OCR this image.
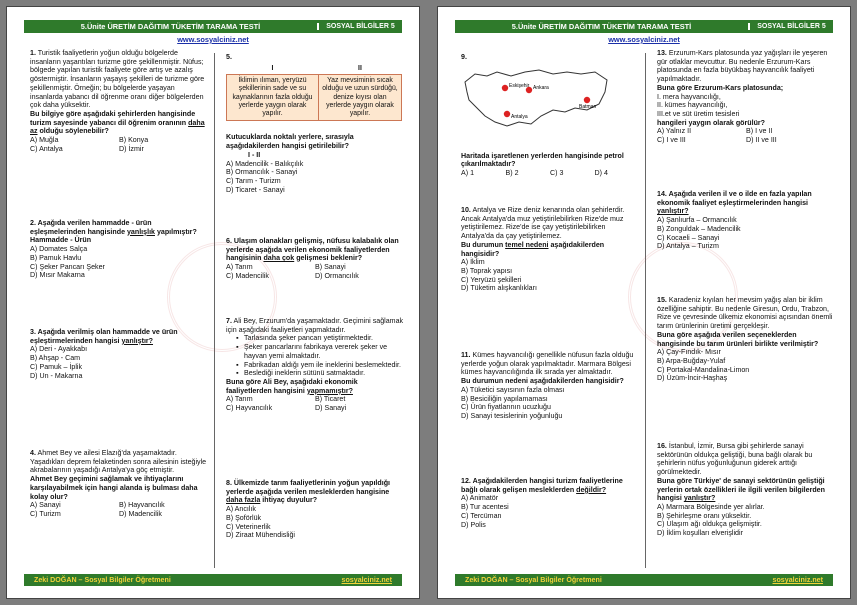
5.Ünite ÜRETİM DAĞITIM TÜKETİM TARAMA TESTİ	SOSYAL BİLGİLER 5
www.sosyalciniz.net

1. Turistik faaliyetlerin yoğun olduğu bölgelerde insanların yaşantıları turizme göre şekillenmiştir. Nüfus; bölgede yapılan turistik faaliyete göre artış ve azalış göstermiştir. İnsanların yaşayış şekilleri de turizme göre şekillenmiştir. Örneğin; bu bölgelerde yaşayan insanlarda yabancı dil öğrenme oranı diğer bölgelerden çok daha yüksektir.

Bu bilgiye göre aşağıdaki şehirlerden hangisinde turizm sayesinde yabancı dil öğrenim oranının daha az olduğu söylenebilir?

A) Muğla	B) Konya
C) Antalya	D) İzmir

2. Aşağıda verilen hammadde - ürün eşleşmelerinden hangisinde yanlışlık yapılmıştır?

Hammadde - Ürün

A) Domates Salça

B) Pamuk Havlu

C) Şeker Pancarı Şeker

D) Mısır Makarna

3. Aşağıda verilmiş olan hammadde ve ürün eşleştirmelerinden hangisi yanlıştır?

A) Deri - Ayakkabı

B) Ahşap - Cam

C) Pamuk – İplik

D) Un - Makarna

4. Ahmet Bey ve ailesi Elazığ'da yaşamaktadır.

Yaşadıkları deprem felaketinden sonra ailesinin isteğiyle akrabalarının yaşadığı Antalya'ya göç etmiştir.

Ahmet Bey geçimini sağlamak ve ihtiyaçlarını karşılayabilmek için hangi alanda iş bulması daha kolay olur?

A) Sanayi	B) Hayvancılık
C) Turizm	D) Madencilik

5.

I	II
İklimin ılıman, yeryüzü şekillerinin sade ve su kaynaklarının fazla olduğu yerlerde yaygın olarak yapılır.	Yaz mevsiminin sıcak olduğu ve uzun sürdüğü, denize kıyısı olan yerlerde yaygın olarak yapılır.

Kutucuklarda noktalı yerlere, sırasıyla aşağıdakilerden hangisi getirilebilir?

I - II

A) Madencilik - Balıkçılık

B) Ormancılık - Sanayi

C) Tarım - Turizm

D) Ticaret - Sanayi

6. Ulaşım olanakları gelişmiş, nüfusu kalabalık olan yerlerde aşağıda verilen ekonomik faaliyetlerden hangisinin daha çok gelişmesi beklenir?

A) Tarım	B) Sanayi
C) Madencilik	D) Ormancılık

7. Ali Bey, Erzurum'da yaşamaktadır. Geçimini sağlamak için aşağıdaki faaliyetleri yapmaktadır.

▪ Tarlasında şeker pancarı yetiştirmektedir.
▪ Şeker pancarlarını fabrikaya vererek şeker ve hayvan yemi almaktadır.
▪ Fabrikadan aldığı yem ile ineklerini beslemektedir.
▪ Beslediği ineklerin sütünü satmaktadır.

Buna göre Ali Bey, aşağıdaki ekonomik faaliyetlerden hangisini yapmamıştır?

A) Tarım	B) Ticaret
C) Hayvancılık	D) Sanayi

8. Ülkemizde tarım faaliyetlerinin yoğun yapıldığı yerlerde aşağıda verilen mesleklerden hangisine daha fazla ihtiyaç duyulur?

A) Ancılık

B) Şoförlük

C) Veterinerlik

D) Ziraat Mühendisliği

Zeki DOĞAN – Sosyal Bilgiler Öğretmeni	sosyalciniz.net
5.Ünite ÜRETİM DAĞITIM TÜKETİM TARAMA TESTİ	SOSYAL BİLGİLER 5
www.sosyalciniz.net

9.

Eskişehir Ankara
Antalya
Batman

Haritada işaretlenen yerlerden hangisinde petrol çıkarılmaktadır?

A) 1	B) 2	C) 3	D) 4

10. Antalya ve Rize deniz kenarında olan şehirlerdir. Ancak Antalya'da muz yetiştirilebilirken Rize'de muz yetiştirilemez. Rize'de ise çay yetiştirilebilirken Antalya'da da çay yetiştirilemez.

Bu durumun temel nedeni aşağıdakilerden hangisidir?

A) İklim

B) Toprak yapısı

C) Yeryüzü şekilleri

D) Tüketim alışkanlıkları

11. Kümes hayvancılığı genellikle nüfusun fazla olduğu yerlerde yoğun olarak yapılmaktadır. Marmara Bölgesi kümes hayvancılığında ilk sırada yer almaktadır.

Bu durumun nedeni aşağıdakilerden hangisidir?

A) Tüketici sayısının fazla olması

B) Besiciliğin yapılamaması

C) Ürün fiyatlarının ucuzluğu

D) Sanayi tesislerinin yoğunluğu

12. Aşağıdakilerden hangisi turizm faaliyetlerine bağlı olarak gelişen mesleklerden değildir?

A) Animatör

B) Tur acentesi

C) Tercüman

D) Polis

13. Erzurum-Kars platosunda yaz yağışları ile yeşeren gür otlaklar mevcuttur. Bu nedenle Erzurum-Kars platosunda en fazla büyükbaş hayvancılık faaliyeti yapılmaktadır.

Buna göre Erzurum-Kars platosunda;

I. mera hayvancılığı,

II. kümes hayvancılığı,

III.et ve süt üretim tesisleri

hangileri yaygın olarak görülür?

A) Yalnız II	B) I ve II
C) I ve III	D) II ve III

14. Aşağıda verilen il ve o ilde en fazla yapılan ekonomik faaliyet eşleştirmelerinden hangisi yanlıştır?

A) Şanlıurfa – Ormancılık

B) Zonguldak – Madencilik

C) Kocaeli – Sanayi

D) Antalya – Turizm

15. Karadeniz kıyıları her mevsim yağış alan bir iklim özelliğine sahiptir. Bu nedenle Giresun, Ordu, Trabzon, Rize ve çevresinde ülkemiz ekonomisi açısından önemli tarım ürünlerinin üretimi gerçekleşir.

Buna göre aşağıda verilen seçeneklerden hangisinde bu tarım ürünleri birlikte verilmiştir?

A) Çay-Fındık- Mısır

B) Arpa-Buğday-Yulaf

C) Portakal-Mandalina-Limon

D) Üzüm-İncir-Haşhaş

16. İstanbul, İzmir, Bursa gibi şehirlerde sanayi sektörünün oldukça geliştiği, buna bağlı olarak bu şehirlerin nüfus yoğunluğunun giderek arttığı görülmektedir.

Buna göre Türkiye' de sanayi sektörünün geliştiği yerlerin ortak özellikleri ile ilgili verilen bilgilerden hangisi yanlıştır?

A) Marmara Bölgesinde yer alırlar.

B) Şehirleşme oranı yüksektir.

C) Ulaşım ağı oldukça gelişmiştir.

D) İklim koşulları elverişlidir

Zeki DOĞAN – Sosyal Bilgiler Öğretmeni	sosyalciniz.net
